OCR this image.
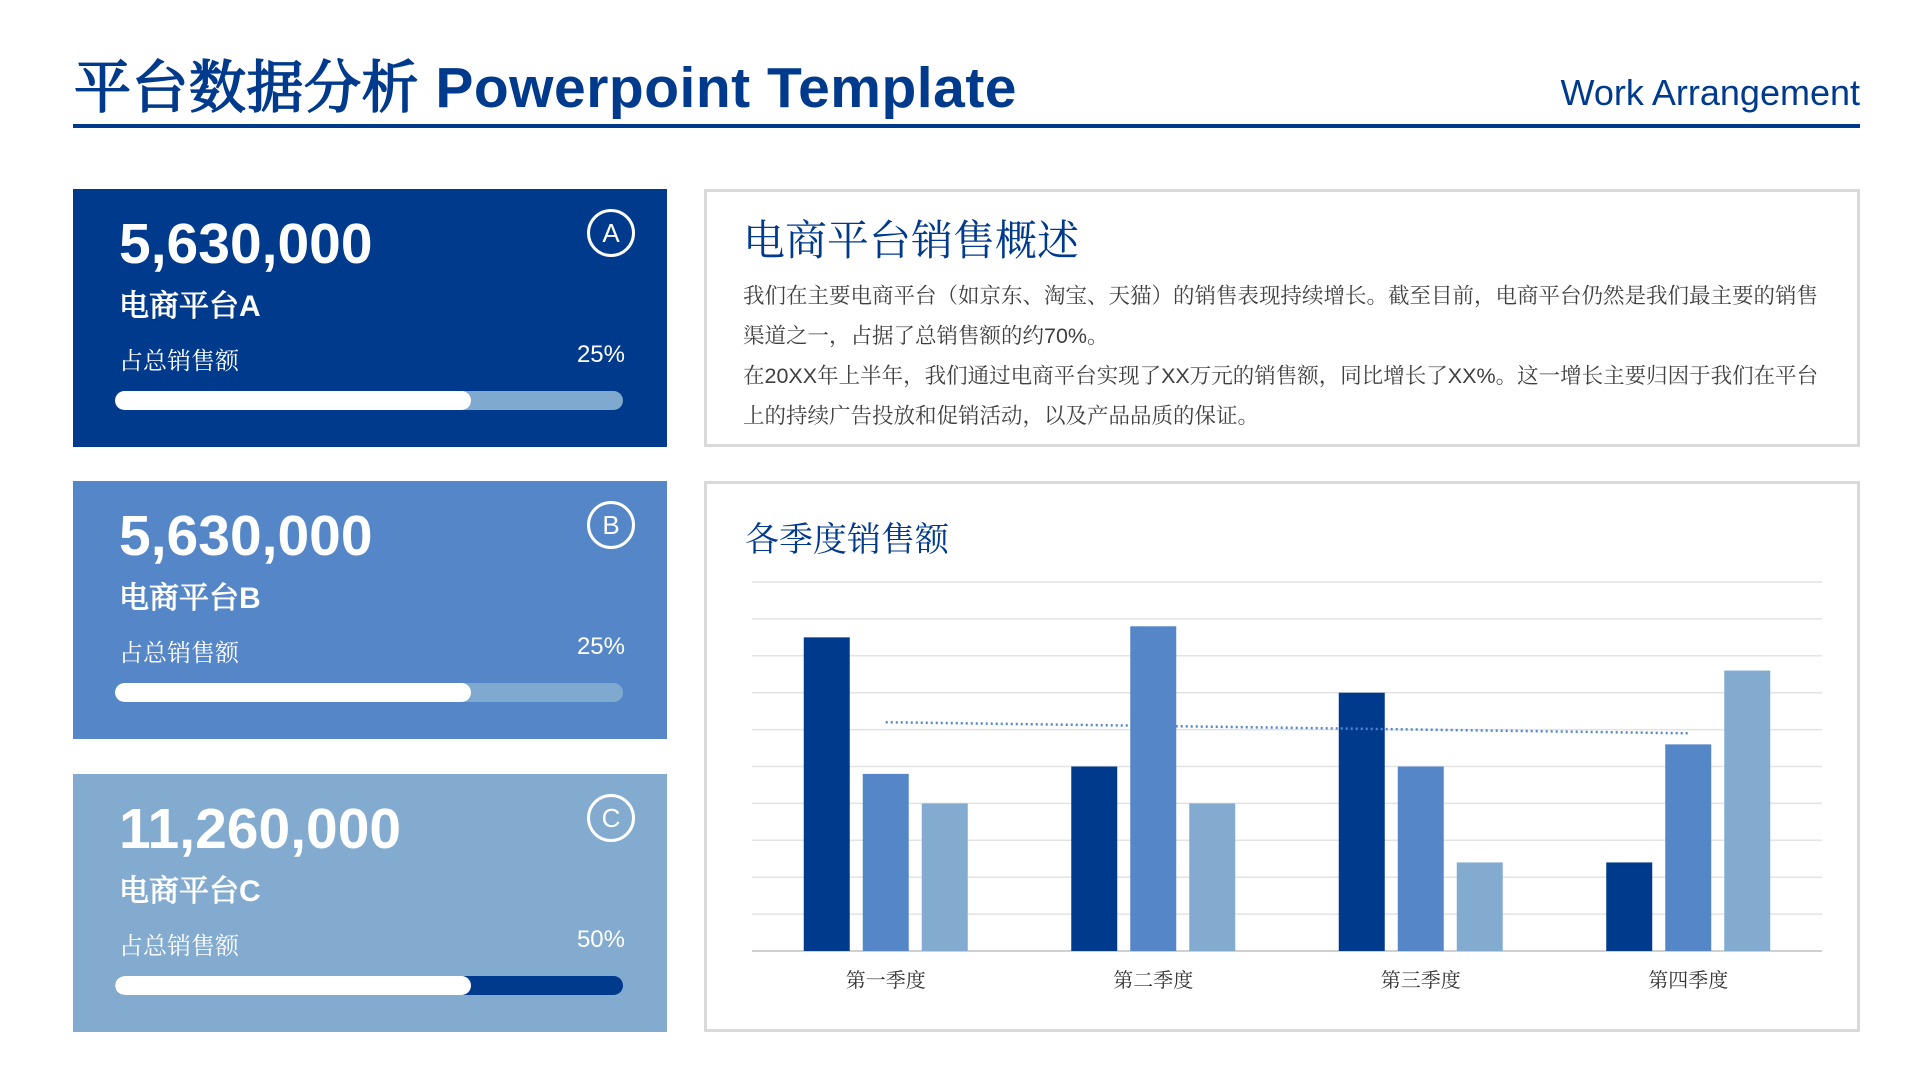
平台数据分析 Powerpoint Template	Work Arrangement
5,630,000
电商平台A
A
占总销售额	25%
5,630,000
电商平台B
B
占总销售额	25%
11,260,000
电商平台C
C
占总销售额	50%
电商平台销售概述

我们在主要电商平台（如京东、淘宝、天猫）的销售表现持续增长。截至目前，电商平台仍然是我们最主要的销售渠道之一，占据了总销售额的约70%。

在20XX年上半年，我们通过电商平台实现了XX万元的销售额，同比增长了XX%。这一增长主要归因于我们在平台上的持续广告投放和促销活动，以及产品品质的保证。

各季度销售额
第一季度	第二季度	第三季度	第四季度
